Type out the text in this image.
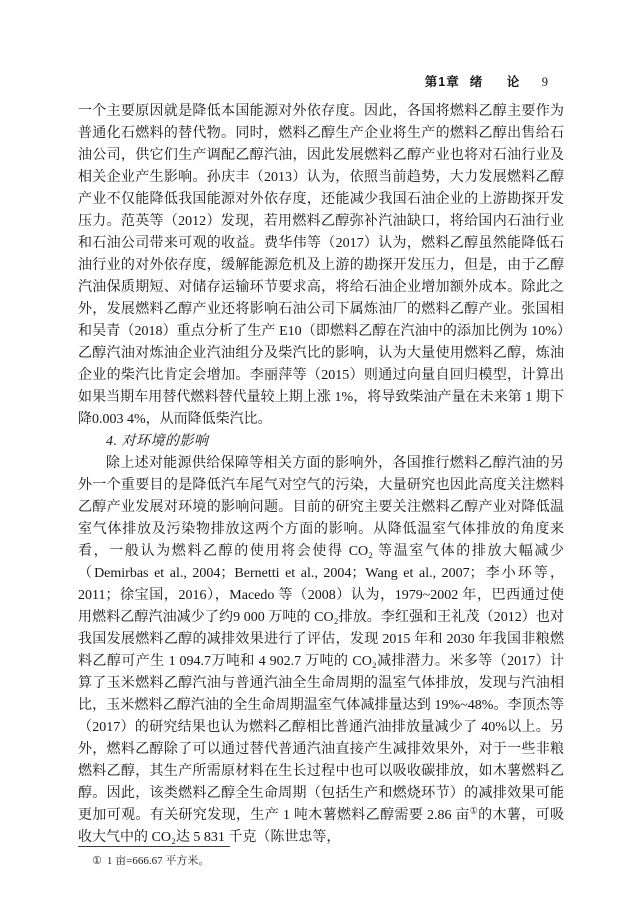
第1章 绪　论 9

一个主要原因就是降低本国能源对外依存度。因此，各国将燃料乙醇主要作为普通化石燃料的替代物。同时，燃料乙醇生产企业将生产的燃料乙醇出售给石油公司，供它们生产调配乙醇汽油，因此发展燃料乙醇产业也将对石油行业及相关企业产生影响。孙庆丰（2013）认为，依照当前趋势，大力发展燃料乙醇产业不仅能降低我国能源对外依存度，还能减少我国石油企业的上游勘探开发压力。范英等（2012）发现，若用燃料乙醇弥补汽油缺口，将给国内石油行业和石油公司带来可观的收益。费华伟等（2017）认为，燃料乙醇虽然能降低石油行业的对外依存度，缓解能源危机及上游的勘探开发压力，但是，由于乙醇汽油保质期短、对储存运输环节要求高，将给石油企业增加额外成本。除此之外，发展燃料乙醇产业还将影响石油公司下属炼油厂的燃料乙醇产业。张国相和吴青（2018）重点分析了生产 E10（即燃料乙醇在汽油中的添加比例为 10%）乙醇汽油对炼油企业汽油组分及柴汽比的影响，认为大量使用燃料乙醇，炼油企业的柴汽比肯定会增加。李丽萍等（2015）则通过向量自回归模型，计算出如果当期车用替代燃料替代量较上期上涨 1%，将导致柴油产量在未来第 1 期下降0.003 4%，从而降低柴汽比。

4. 对环境的影响

除上述对能源供给保障等相关方面的影响外，各国推行燃料乙醇汽油的另外一个重要目的是降低汽车尾气对空气的污染，大量研究也因此高度关注燃料乙醇产业发展对环境的影响问题。目前的研究主要关注燃料乙醇产业对降低温室气体排放及污染物排放这两个方面的影响。从降低温室气体排放的角度来看，一般认为燃料乙醇的使用将会使得 CO₂ 等温室气体的排放大幅减少（Demirbas et al., 2004；Bernetti et al., 2004；Wang et al., 2007；李小环等，2011；徐宝国，2016），Macedo 等（2008）认为，1979~2002 年，巴西通过使用燃料乙醇汽油减少了约9 000 万吨的 CO₂排放。李红强和王礼茂（2012）也对我国发展燃料乙醇的减排效果进行了评估，发现 2015 年和 2030 年我国非粮燃料乙醇可产生 1 094.7万吨和 4 902.7 万吨的 CO₂减排潜力。米多等（2017）计算了玉米燃料乙醇汽油与普通汽油全生命周期的温室气体排放，发现与汽油相比，玉米燃料乙醇汽油的全生命周期温室气体减排量达到 19%~48%。李顶杰等（2017）的研究结果也认为燃料乙醇相比普通汽油排放量减少了 40%以上。另外，燃料乙醇除了可以通过替代普通汽油直接产生减排效果外，对于一些非粮燃料乙醇，其生产所需原材料在生长过程中也可以吸收碳排放，如木薯燃料乙醇。因此，该类燃料乙醇全生命周期（包括生产和燃烧环节）的减排效果可能更加可观。有关研究发现，生产 1 吨木薯燃料乙醇需要 2.86 亩①的木薯，可吸收大气中的 CO₂达 5 831 千克（陈世忠等，

① 1 亩=666.67 平方米。
